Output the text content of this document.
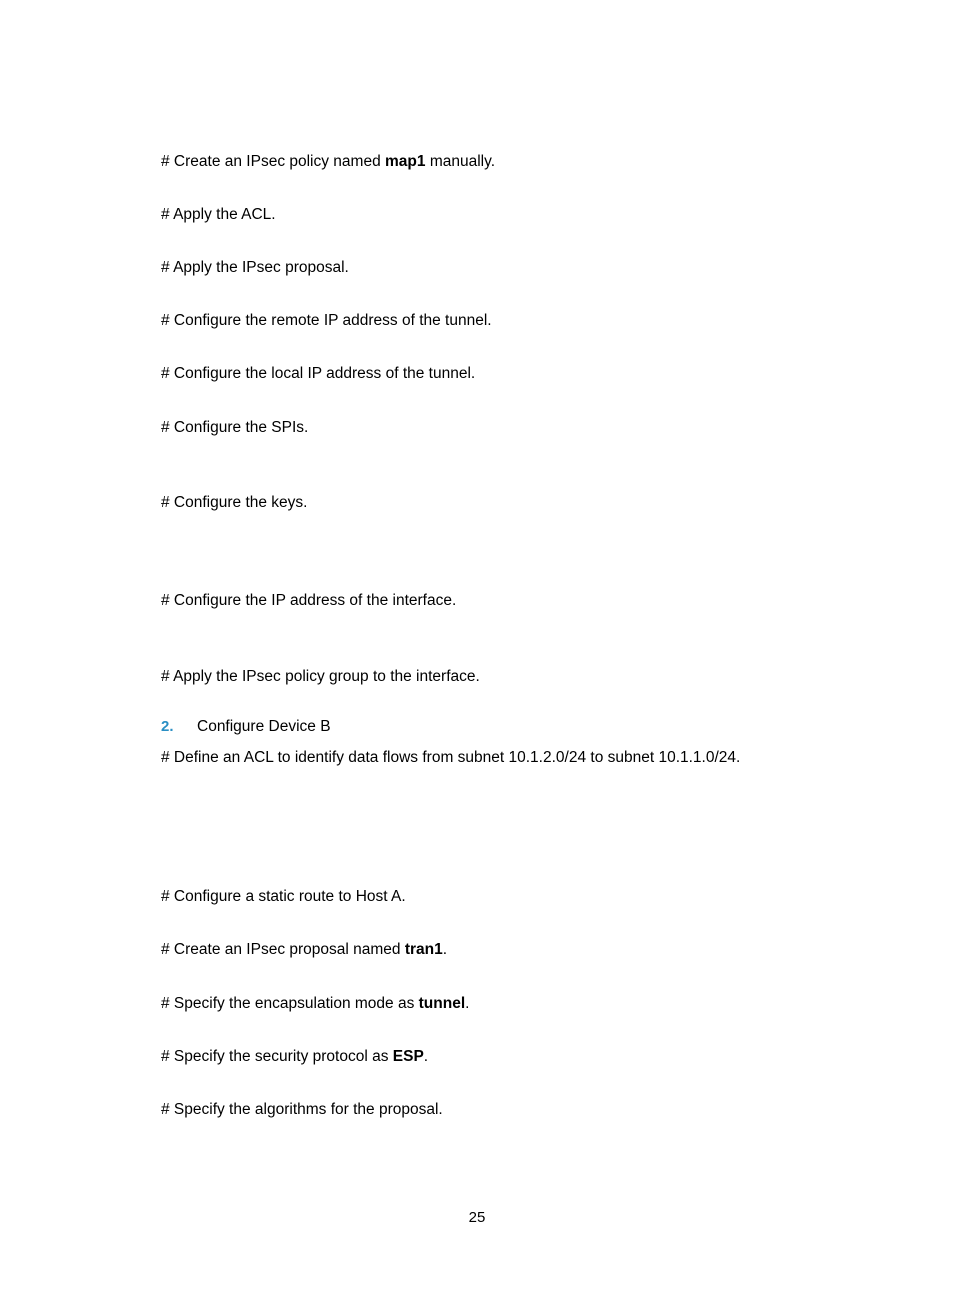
# Create an IPsec policy named map1 manually.
# Apply the ACL.
# Apply the IPsec proposal.
# Configure the remote IP address of the tunnel.
# Configure the local IP address of the tunnel.
# Configure the SPIs.
# Configure the keys.
# Configure the IP address of the interface.
# Apply the IPsec policy group to the interface.
2. Configure Device B
# Define an ACL to identify data flows from subnet 10.1.2.0/24 to subnet 10.1.1.0/24.
# Configure a static route to Host A.
# Create an IPsec proposal named tran1.
# Specify the encapsulation mode as tunnel.
# Specify the security protocol as ESP.
# Specify the algorithms for the proposal.
25
